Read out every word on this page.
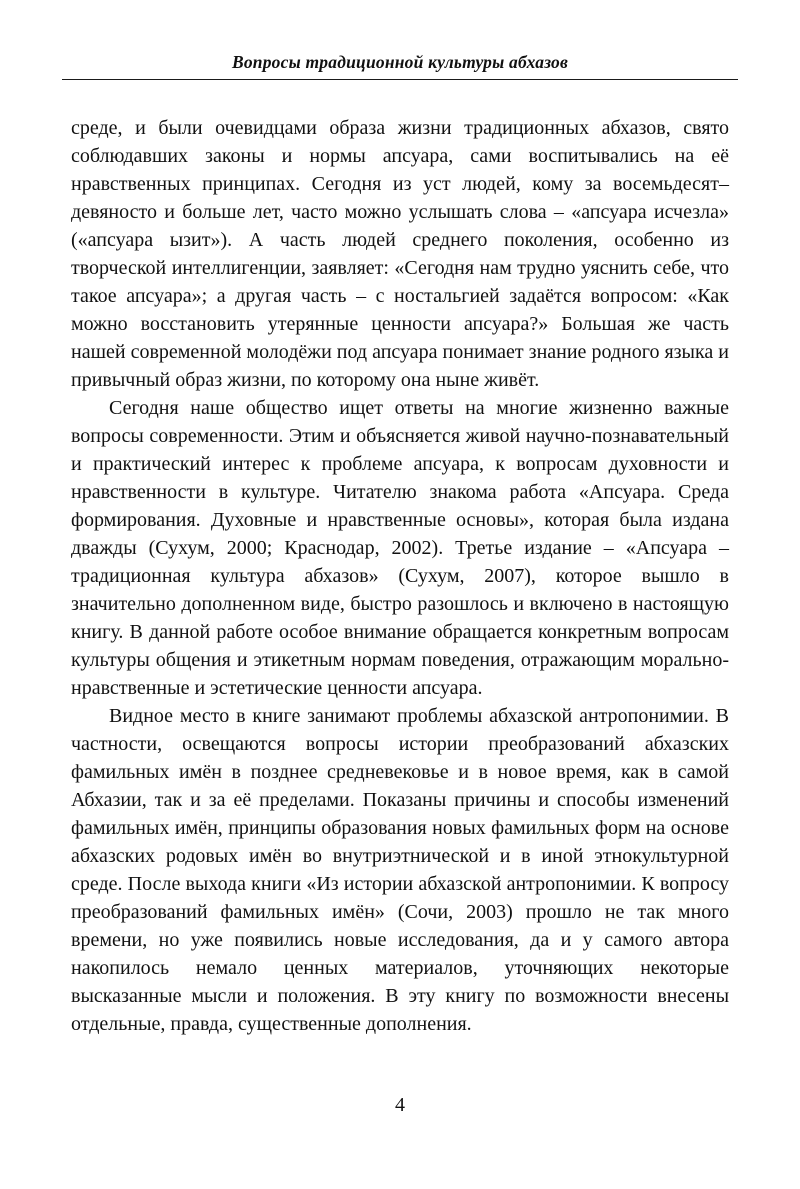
Вопросы традиционной культуры абхазов

среде, и были очевидцами образа жизни традиционных абхазов, свято соблюдавших законы и нормы апсуара, сами воспитывались на её нравственных принципах. Сегодня из уст людей, кому за восемьдесят–девяносто и больше лет, часто можно услышать слова – «апсуара исчезла» («апсуара ызит»). А часть людей среднего поколения, особенно из творческой интеллигенции, заявляет: «Сегодня нам трудно уяснить себе, что такое апсуара»; а другая часть – с ностальгией задаётся вопросом: «Как можно восстановить утерянные ценности апсуара?» Большая же часть нашей современной молодёжи под апсуара понимает знание родного языка и привычный образ жизни, по которому она ныне живёт.

Сегодня наше общество ищет ответы на многие жизненно важные вопросы современности. Этим и объясняется живой научно-познавательный и практический интерес к проблеме апсуара, к вопросам духовности и нравственности в культуре. Читателю знакома работа «Апсуара. Среда формирования. Духовные и нравственные основы», которая была издана дважды (Сухум, 2000; Краснодар, 2002). Третье издание – «Апсуара – традиционная культура абхазов» (Сухум, 2007), которое вышло в значительно дополненном виде, быстро разошлось и включено в настоящую книгу. В данной работе особое внимание обращается конкретным вопросам культуры общения и этикетным нормам поведения, отражающим морально-нравственные и эстетические ценности апсуара.

Видное место в книге занимают проблемы абхазской антропонимии. В частности, освещаются вопросы истории преобразований абхазских фамильных имён в позднее средневековье и в новое время, как в самой Абхазии, так и за её пределами. Показаны причины и способы изменений фамильных имён, принципы образования новых фамильных форм на основе абхазских родовых имён во внутриэтнической и в иной этнокультурной среде. После выхода книги «Из истории абхазской антропонимии. К вопросу преобразований фамильных имён» (Сочи, 2003) прошло не так много времени, но уже появились новые исследования, да и у самого автора накопилось немало ценных материалов, уточняющих некоторые высказанные мысли и положения. В эту книгу по возможности внесены отдельные, правда, существенные дополнения.

4
